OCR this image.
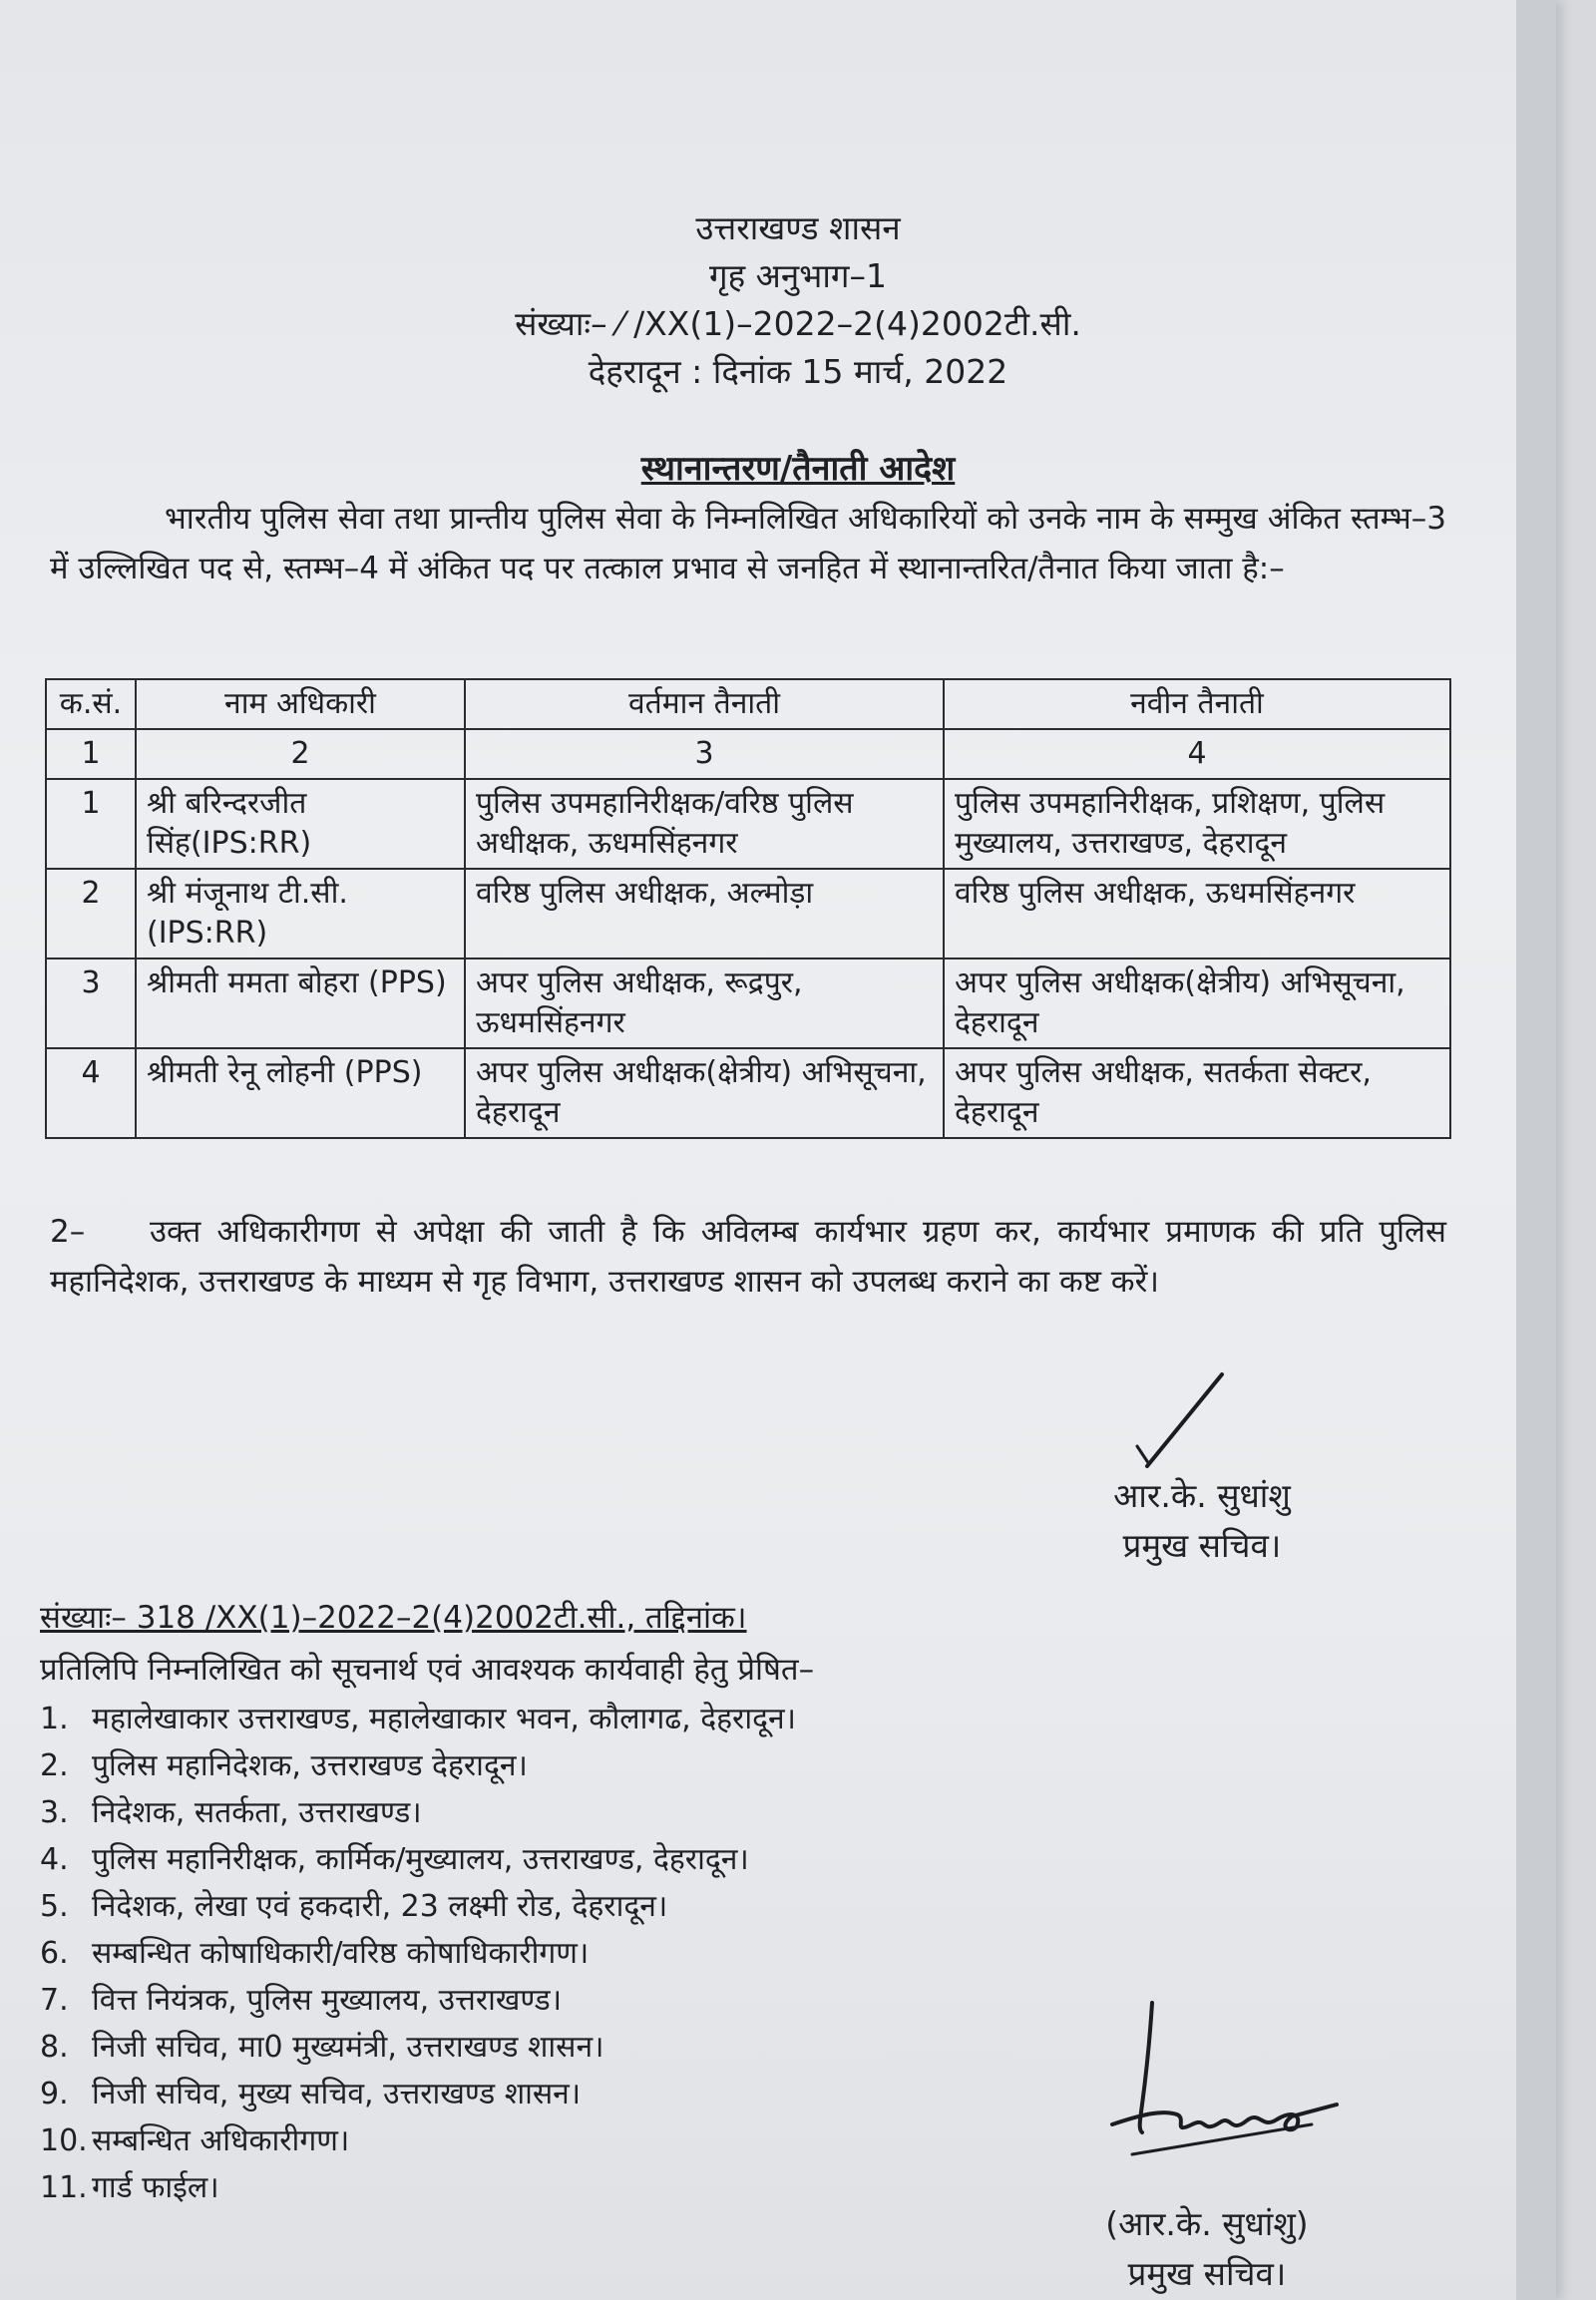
उत्तराखण्ड शासन
गृह अनुभाग–1
संख्याः– ⁄ /XX(1)–2022–2(4)2002टी.सी.
देहरादून : दिनांक 15 मार्च, 2022
स्थानान्तरण/तैनाती आदेश
भारतीय पुलिस सेवा तथा प्रान्तीय पुलिस सेवा के निम्नलिखित अधिकारियों को उनके नाम के सम्मुख अंकित स्तम्भ–3 में उल्लिखित पद से, स्तम्भ–4 में अंकित पद पर तत्काल प्रभाव से जनहित में स्थानान्तरित/तैनात किया जाता है:–
क.सं.	नाम अधिकारी	वर्तमान तैनाती	नवीन तैनाती
1	2	3	4
1	श्री बरिन्दरजीत सिंह(IPS:RR)	पुलिस उपमहानिरीक्षक/वरिष्ठ पुलिस अधीक्षक, ऊधमसिंहनगर	पुलिस उपमहानिरीक्षक, प्रशिक्षण, पुलिस मुख्यालय, उत्तराखण्ड, देहरादून
2	श्री मंजूनाथ टी.सी. (IPS:RR)	वरिष्ठ पुलिस अधीक्षक, अल्मोड़ा	वरिष्ठ पुलिस अधीक्षक, ऊधमसिंहनगर
3	श्रीमती ममता बोहरा (PPS)	अपर पुलिस अधीक्षक, रूद्रपुर, ऊधमसिंहनगर	अपर पुलिस अधीक्षक(क्षेत्रीय) अभिसूचना, देहरादून
4	श्रीमती रेनू लोहनी (PPS)	अपर पुलिस अधीक्षक(क्षेत्रीय) अभिसूचना, देहरादून	अपर पुलिस अधीक्षक, सतर्कता सेक्टर, देहरादून
2– उक्त अधिकारीगण से अपेक्षा की जाती है कि अविलम्ब कार्यभार ग्रहण कर, कार्यभार प्रमाणक की प्रति पुलिस महानिदेशक, उत्तराखण्ड के माध्यम से गृह विभाग, उत्तराखण्ड शासन को उपलब्ध कराने का कष्ट करें।
आर.के. सुधांशु
प्रमुख सचिव।
संख्याः– 318 /XX(1)–2022–2(4)2002टी.सी., तद्दिनांक।
प्रतिलिपि निम्नलिखित को सूचनार्थ एवं आवश्यक कार्यवाही हेतु प्रेषित–
1. महालेखाकार उत्तराखण्ड, महालेखाकार भवन, कौलागढ, देहरादून।
2. पुलिस महानिदेशक, उत्तराखण्ड देहरादून।
3. निदेशक, सतर्कता, उत्तराखण्ड।
4. पुलिस महानिरीक्षक, कार्मिक/मुख्यालय, उत्तराखण्ड, देहरादून।
5. निदेशक, लेखा एवं हकदारी, 23 लक्ष्मी रोड, देहरादून।
6. सम्बन्धित कोषाधिकारी/वरिष्ठ कोषाधिकारीगण।
7. वित्त नियंत्रक, पुलिस मुख्यालय, उत्तराखण्ड।
8. निजी सचिव, मा0 मुख्यमंत्री, उत्तराखण्ड शासन।
9. निजी सचिव, मुख्य सचिव, उत्तराखण्ड शासन।
10. सम्बन्धित अधिकारीगण।
11. गार्ड फाईल।
(आर.के. सुधांशु)
प्रमुख सचिव।
